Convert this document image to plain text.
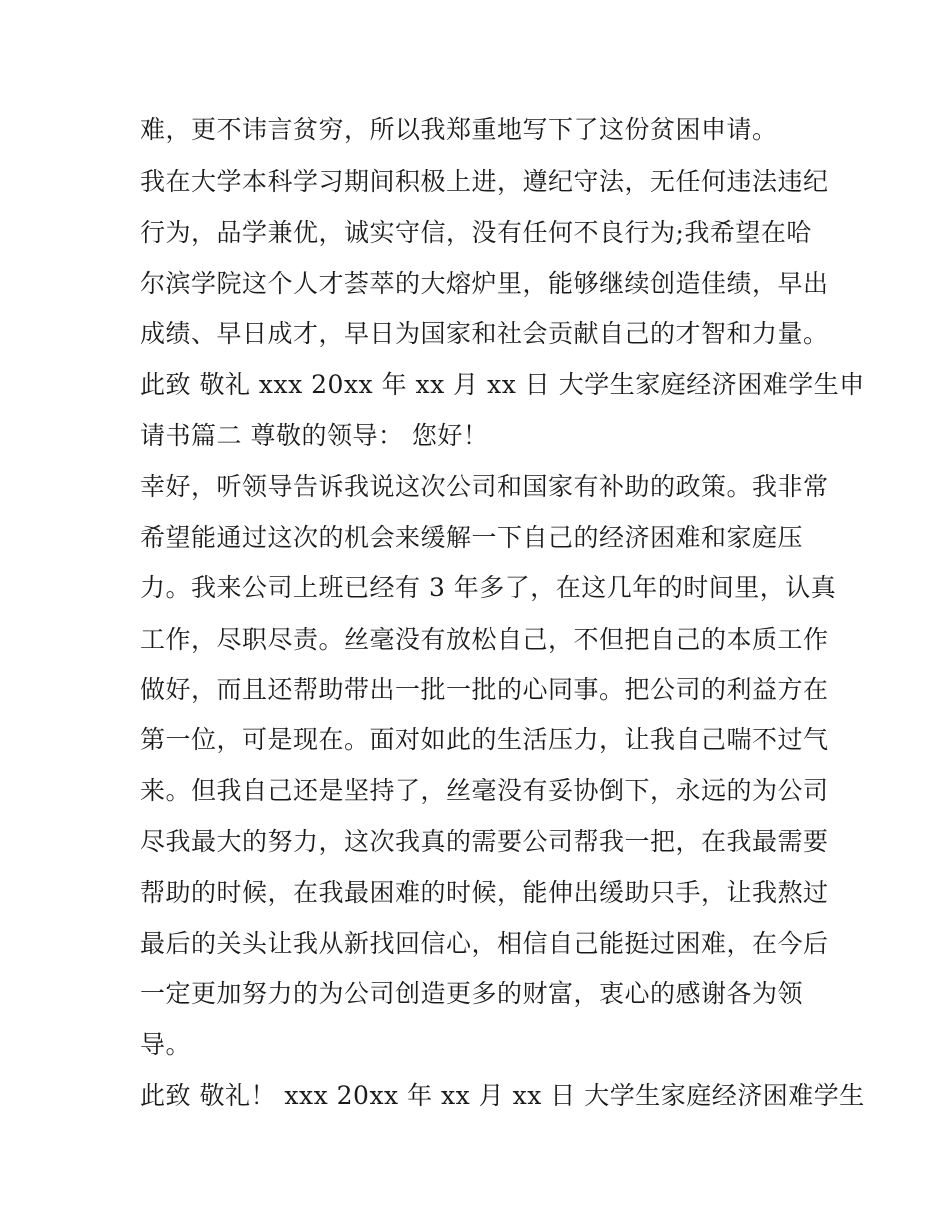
难，更不讳言贫穷，所以我郑重地写下了这份贫困申请。
我在大学本科学习期间积极上进，遵纪守法，无任何违法违纪
行为，品学兼优，诚实守信，没有任何不良行为;我希望在哈
尔滨学院这个人才荟萃的大熔炉里，能够继续创造佳绩，早出
成绩、早日成才，早日为国家和社会贡献自己的才智和力量。
此致 敬礼 xxx 20xx 年 xx 月 xx 日 大学生家庭经济困难学生申
请书篇二 尊敬的领导： 您好！
幸好，听领导告诉我说这次公司和国家有补助的政策。我非常
希望能通过这次的机会来缓解一下自己的经济困难和家庭压
力。我来公司上班已经有 3 年多了，在这几年的时间里，认真
工作，尽职尽责。丝毫没有放松自己，不但把自己的本质工作
做好，而且还帮助带出一批一批的心同事。把公司的利益方在
第一位，可是现在。面对如此的生活压力，让我自己喘不过气
来。但我自己还是坚持了，丝毫没有妥协倒下，永远的为公司
尽我最大的努力，这次我真的需要公司帮我一把，在我最需要
帮助的时候，在我最困难的时候，能伸出缓助只手，让我熬过
最后的关头让我从新找回信心，相信自己能挺过困难，在今后
一定更加努力的为公司创造更多的财富，衷心的感谢各为领
导。
此致 敬礼！ xxx 20xx 年 xx 月 xx 日 大学生家庭经济困难学生
